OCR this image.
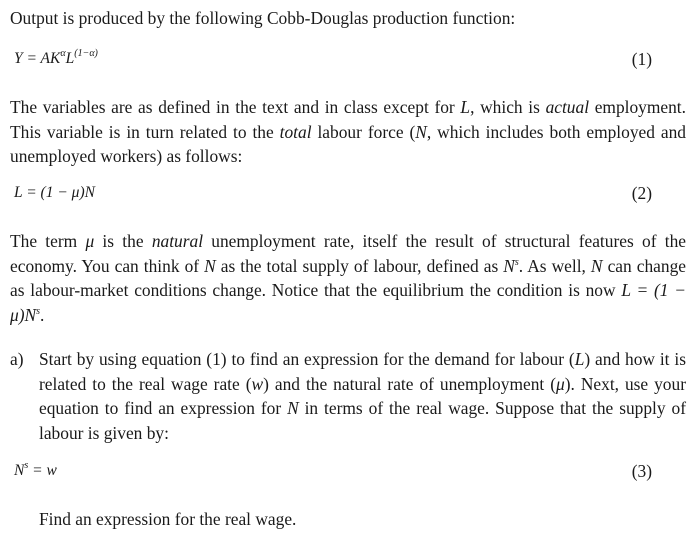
Output is produced by the following Cobb-Douglas production function:
$Y = AK^\alpha L^{(1-\alpha)}$	(1)
The variables are as defined in the text and in class except for L, which is actual employment. This variable is in turn related to the total labour force (N, which includes both employed and unemployed workers) as follows:
L = (1 − μ)N	(2)
The term μ is the natural unemployment rate, itself the result of structural features of the economy. You can think of N as the total supply of labour, defined as $N^s$. As well, N can change as labour-market conditions change. Notice that the equilibrium the condition is now $L = (1 - \mu)N^s$.
a) Start by using equation (1) to find an expression for the demand for labour (L) and how it is related to the real wage rate (w) and the natural rate of unemployment (μ). Next, use your equation to find an expression for N in terms of the real wage. Suppose that the supply of labour is given by:
$N^s = w$	(3)
Find an expression for the real wage.
